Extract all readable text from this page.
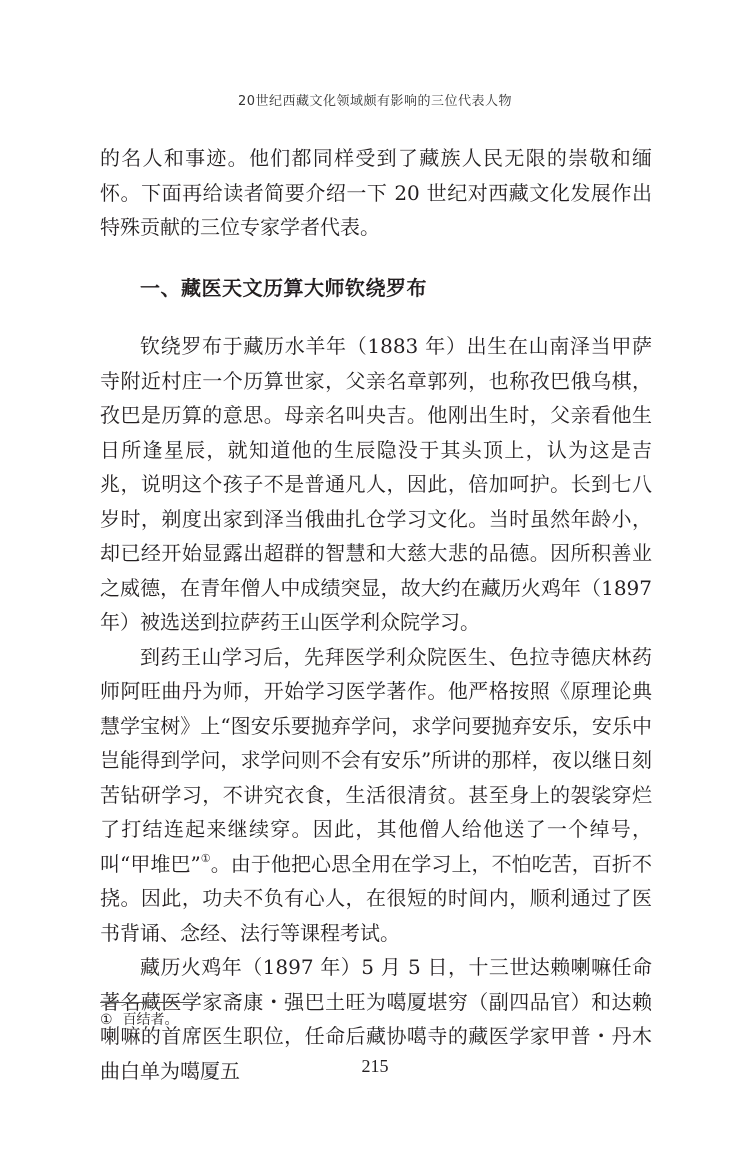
20世纪西藏文化领域颇有影响的三位代表人物

的名人和事迹。他们都同样受到了藏族人民无限的崇敬和缅怀。下面再给读者简要介绍一下 20 世纪对西藏文化发展作出特殊贡献的三位专家学者代表。

一、藏医天文历算大师钦绕罗布

钦绕罗布于藏历水羊年（1883 年）出生在山南泽当甲萨寺附近村庄一个历算世家，父亲名章郭列，也称孜巴俄乌棋，孜巴是历算的意思。母亲名叫央吉。他刚出生时，父亲看他生日所逢星辰，就知道他的生辰隐没于其头顶上，认为这是吉兆，说明这个孩子不是普通凡人，因此，倍加呵护。长到七八岁时，剃度出家到泽当俄曲扎仓学习文化。当时虽然年龄小，却已经开始显露出超群的智慧和大慈大悲的品德。因所积善业之威德，在青年僧人中成绩突显，故大约在藏历火鸡年（1897 年）被选送到拉萨药王山医学利众院学习。

到药王山学习后，先拜医学利众院医生、色拉寺德庆林药师阿旺曲丹为师，开始学习医学著作。他严格按照《原理论典慧学宝树》上“图安乐要抛弃学问，求学问要抛弃安乐，安乐中岂能得到学问，求学问则不会有安乐”所讲的那样，夜以继日刻苦钻研学习，不讲究衣食，生活很清贫。甚至身上的袈裟穿烂了打结连起来继续穿。因此，其他僧人给他送了一个绰号，叫“甲堆巴”①。由于他把心思全用在学习上，不怕吃苦，百折不挠。因此，功夫不负有心人，在很短的时间内，顺利通过了医书背诵、念经、法行等课程考试。

藏历火鸡年（1897 年）5 月 5 日，十三世达赖喇嘛任命著名藏医学家斋康・强巴土旺为噶厦堪穷（副四品官）和达赖喇嘛的首席医生职位，任命后藏协噶寺的藏医学家甲普・丹木曲白单为噶厦五

① 百结者。

215
